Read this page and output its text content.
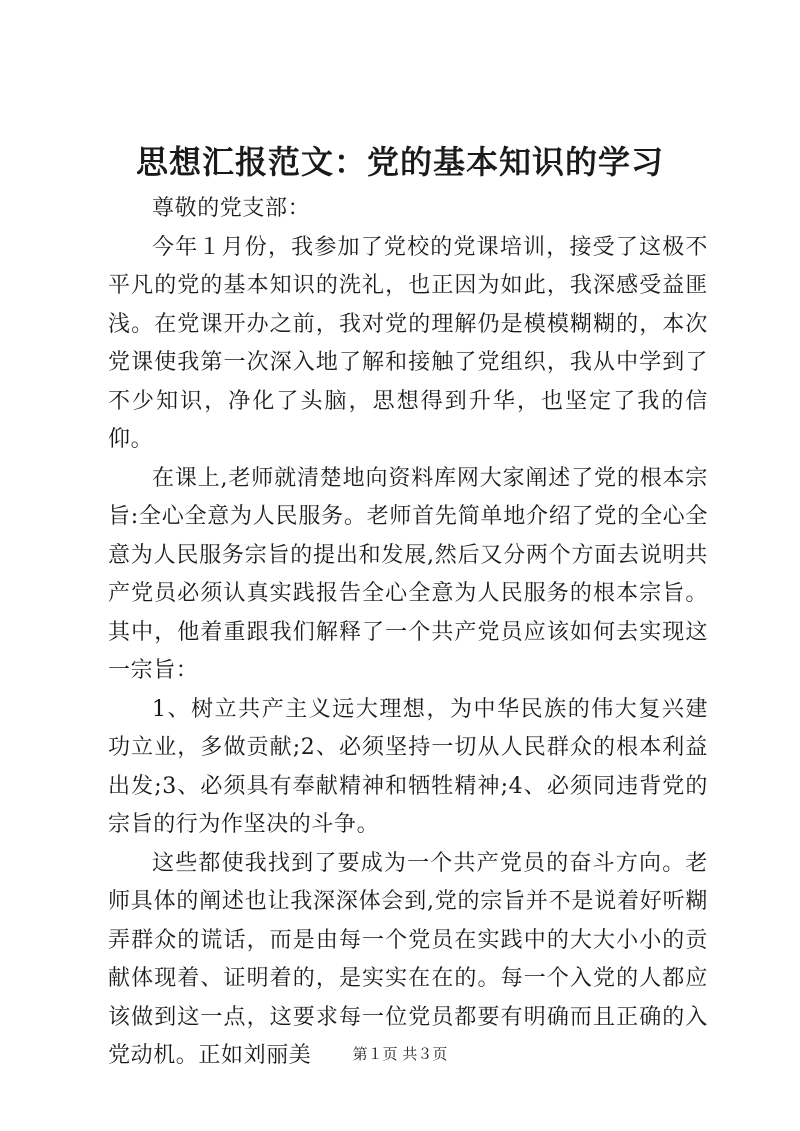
思想汇报范文：党的基本知识的学习

尊敬的党支部：

今年１月份，我参加了党校的党课培训，接受了这极不平凡的党的基本知识的洗礼，也正因为如此，我深感受益匪浅。在党课开办之前，我对党的理解仍是模模糊糊的，本次党课使我第一次深入地了解和接触了党组织，我从中学到了不少知识，净化了头脑，思想得到升华，也坚定了我的信仰。

在课上,老师就清楚地向资料库网大家阐述了党的根本宗旨:全心全意为人民服务。老师首先简单地介绍了党的全心全意为人民服务宗旨的提出和发展,然后又分两个方面去说明共产党员必须认真实践报告全心全意为人民服务的根本宗旨。其中，他着重跟我们解释了一个共产党员应该如何去实现这一宗旨：

1、树立共产主义远大理想，为中华民族的伟大复兴建功立业，多做贡献;2、必须坚持一切从人民群众的根本利益出发;3、必须具有奉献精神和牺牲精神;4、必须同违背党的宗旨的行为作坚决的斗争。

这些都使我找到了要成为一个共产党员的奋斗方向。老师具体的阐述也让我深深体会到,党的宗旨并不是说着好听糊弄群众的谎话，而是由每一个党员在实践中的大大小小的贡献体现着、证明着的，是实实在在的。每一个入党的人都应该做到这一点，这要求每一位党员都要有明确而且正确的入党动机。正如刘丽美	第１页 共３页
